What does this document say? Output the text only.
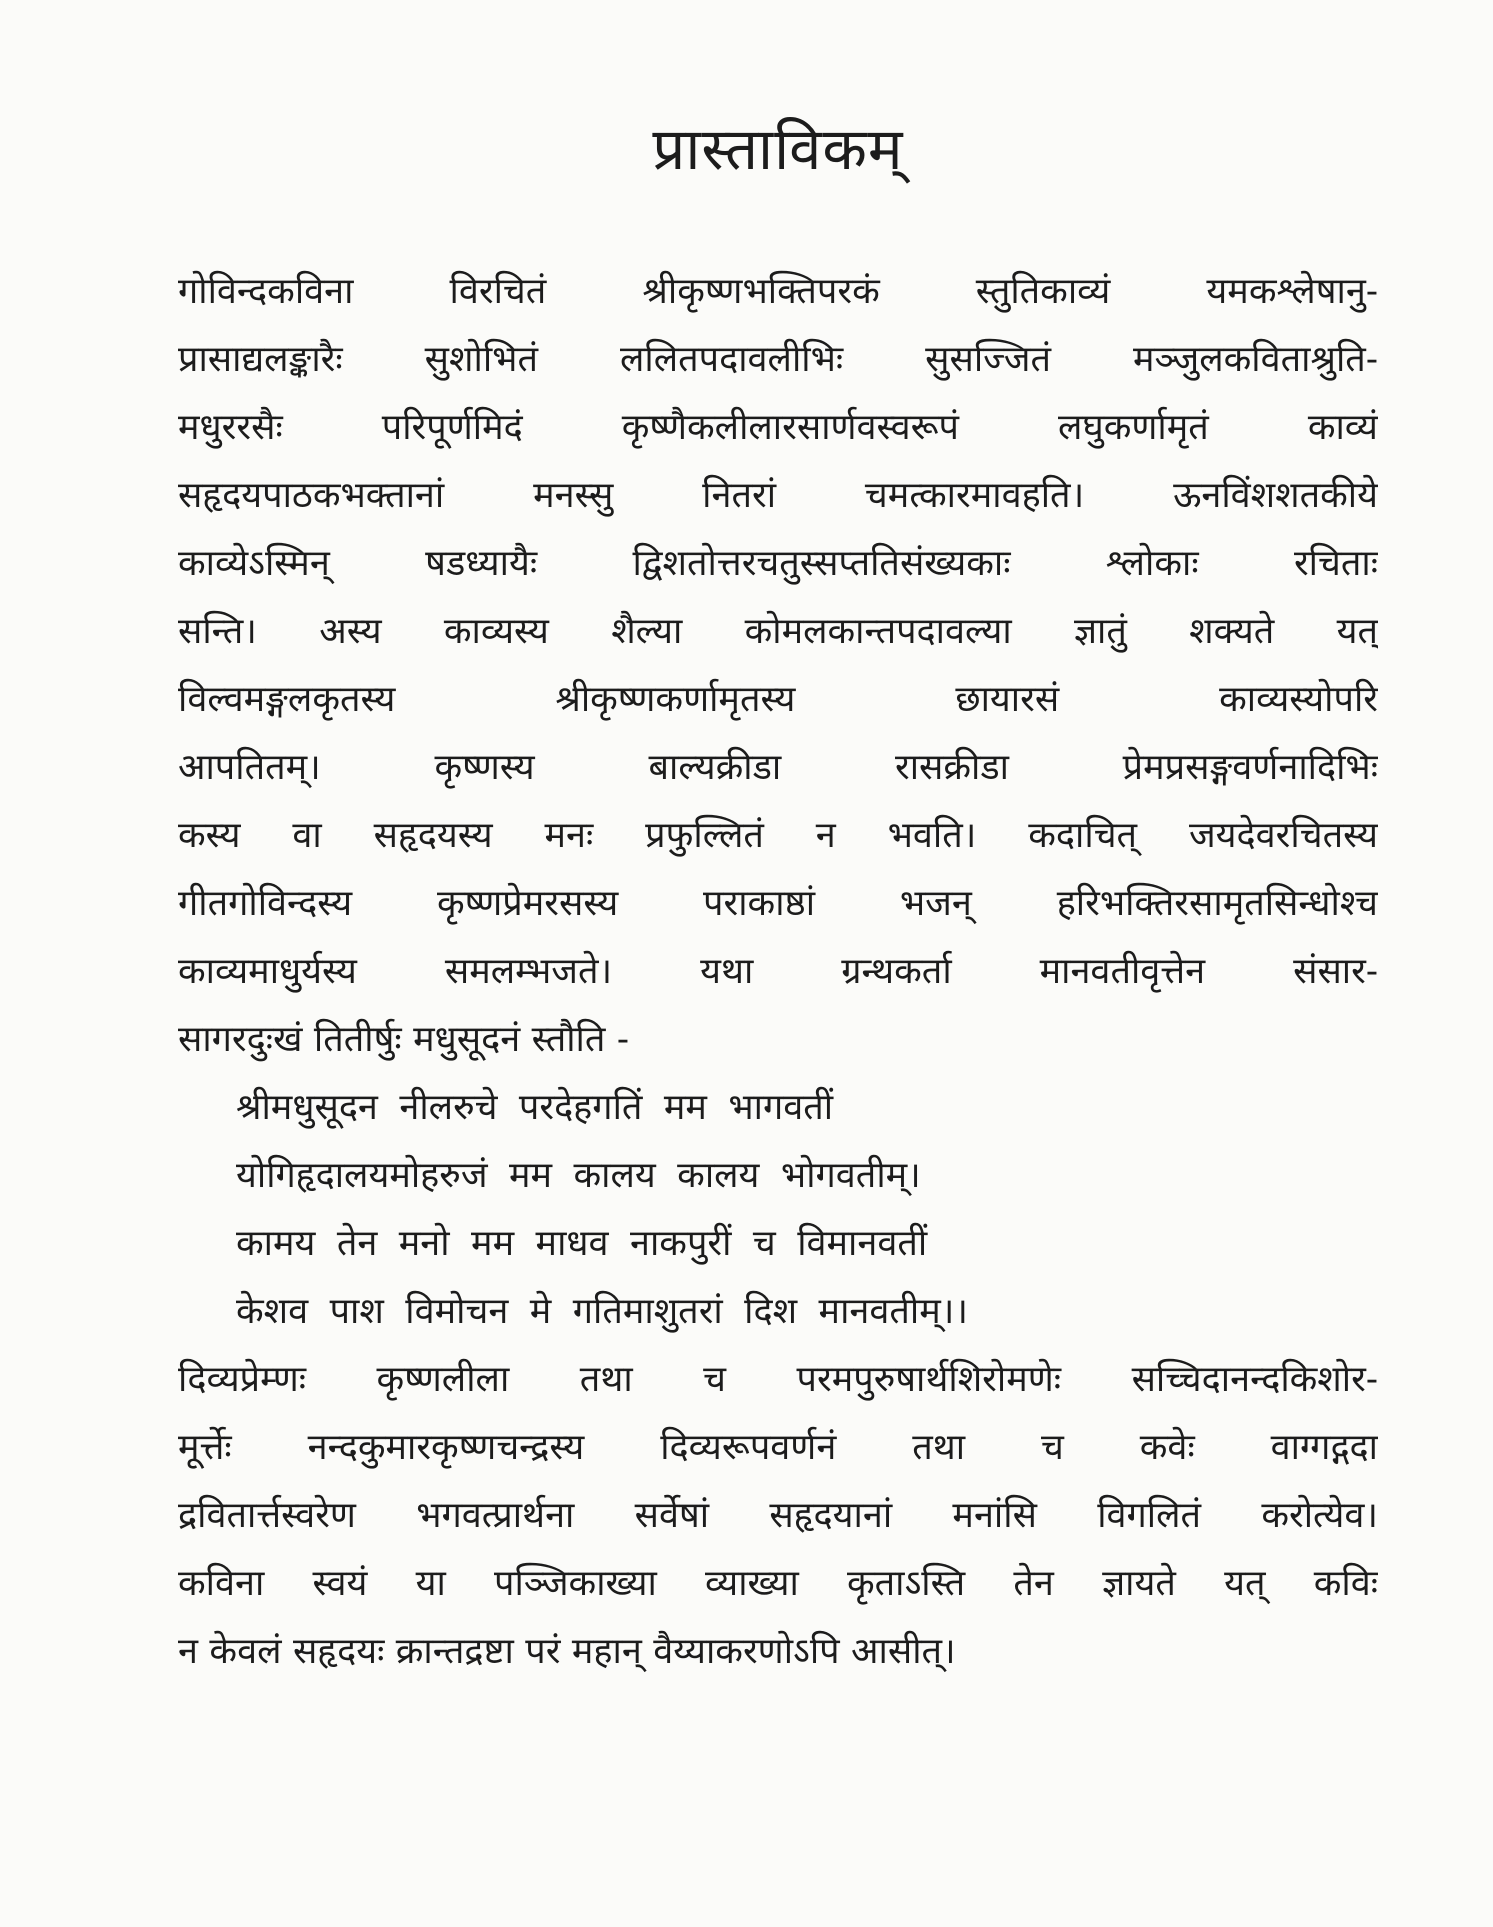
प्रास्ताविकम्
गोविन्दकविना विरचितं श्रीकृष्णभक्तिपरकं स्तुतिकाव्यं यमकश्लेषानु-
प्रासाद्यलङ्कारैः सुशोभितं ललितपदावलीभिः सुसज्जितं मञ्जुलकविताश्रुति-
मधुररसैः परिपूर्णमिदं कृष्णैकलीलारसार्णवस्वरूपं लघुकर्णामृतं काव्यं
सहृदयपाठकभक्तानां मनस्सु नितरां चमत्कारमावहति। ऊनविंशशतकीये
काव्येऽस्मिन् षडध्यायैः द्विशतोत्तरचतुस्सप्ततिसंख्यकाः श्लोकाः रचिताः
सन्ति। अस्य काव्यस्य शैल्या कोमलकान्तपदावल्या ज्ञातुं शक्यते यत्
विल्वमङ्गलकृतस्य श्रीकृष्णकर्णामृतस्य छायारसं काव्यस्योपरि
आपतितम्। कृष्णस्य बाल्यक्रीडा रासक्रीडा प्रेमप्रसङ्गवर्णनादिभिः
कस्य वा सहृदयस्य मनः प्रफुल्लितं न भवति। कदाचित् जयदेवरचितस्य
गीतगोविन्दस्य कृष्णप्रेमरसस्य पराकाष्ठां भजन् हरिभक्तिरसामृतसिन्धोश्च
काव्यमाधुर्यस्य समलम्भजते। यथा ग्रन्थकर्ता मानवतीवृत्तेन संसार-
सागरदुःखं तितीर्षुः मधुसूदनं स्तौति -
श्रीमधुसूदन नीलरुचे परदेहगतिं मम भागवतीं
योगिहृदालयमोहरुजं मम कालय कालय भोगवतीम्।
कामय तेन मनो मम माधव नाकपुरीं च विमानवतीं
केशव पाश विमोचन मे गतिमाशुतरां दिश मानवतीम्।।
दिव्यप्रेम्णः कृष्णलीला तथा च परमपुरुषार्थशिरोमणेः सच्चिदानन्दकिशोर-
मूर्त्तेः नन्दकुमारकृष्णचन्द्रस्य दिव्यरूपवर्णनं तथा च कवेः वाग्गद्गदा
द्रवितार्त्तस्वरेण भगवत्प्रार्थना सर्वेषां सहृदयानां मनांसि विगलितं करोत्येव।
कविना स्वयं या पञ्जिकाख्या व्याख्या कृताऽस्ति तेन ज्ञायते यत् कविः
न केवलं सहृदयः क्रान्तद्रष्टा परं महान् वैय्याकरणोऽपि आसीत्।
